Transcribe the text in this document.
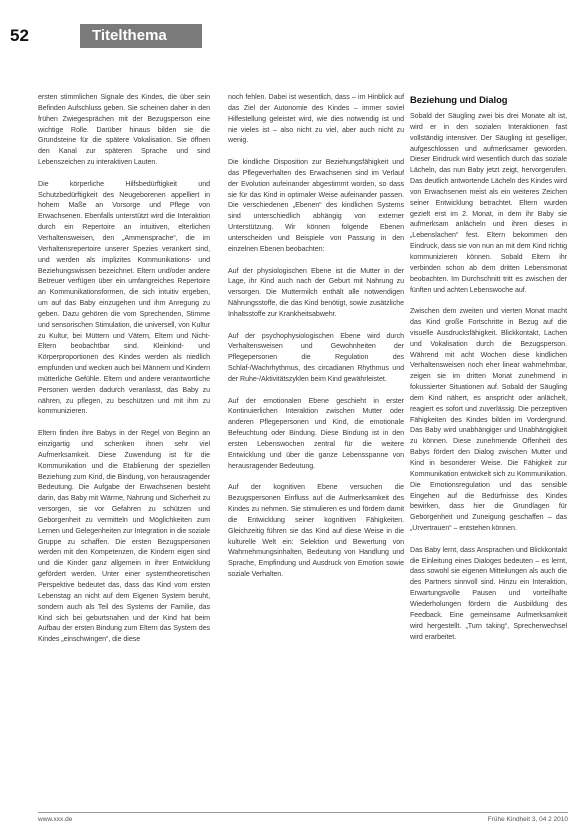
52	Titelthema

ersten stimmlichen Signale des Kindes, die über sein Befinden Aufschluss geben. Sie scheinen daher in den frühen Zwiegesprächen mit der Bezugsperson eine wichtige Rolle. Darüber hinaus bilden sie die Grundsteine für die spätere Vokalisation. Sie öffnen den Kanal zur späteren Sprache und sind Lebenszeichen zu interaktiven Lauten.

Die körperliche Hilfsbedürftigkeit und Schutzbedürftigkeit des Neugeborenen appelliert in hohem Maße an Vorsorge und Pflege von Erwachsenen. Ebenfalls unterstützt wird die Interaktion durch ein Repertoire an intuitiven, elterlichen Verhaltensweisen, den „Ammensprache“, die im Verhaltensrepertoire unserer Spezies verankert sind, und werden als implizites Kommunikations- und Beziehungswissen bezeichnet. Eltern und/oder andere Betreuer verfügen über ein umfangreiches Repertoire an Kommunikationsformen, die sich intuitiv ergeben, um auf das Baby einzugehen und ihm Anregung zu geben. Dazu gehören die vom Sprechenden, Stimme und sensorischen Stimulation, die universell, von Kultur zu Kultur, bei Müttern und Vätern, Eltern und Nicht-Eltern beobachtbar sind. Kleinkind- und Körperproportionen des Kindes werden als niedlich empfunden und wecken auch bei Männern und Kindern mütterliche Gefühle. Eltern und andere verantwortliche Personen werden dadurch veranlasst, das Baby zu nähren, zu pflegen, zu beschützen und mit ihm zu kommunizieren.

Eltern finden ihre Babys in der Regel von Beginn an einzigartig und schenken ihnen sehr viel Aufmerksamkeit. Diese Zuwendung ist für die Kommunikation und die Etablierung der speziellen Beziehung zum Kind, die Bindung, von herausragender Bedeutung. Die Aufgabe der Erwachsenen besteht darin, das Baby mit Wärme, Nahrung und Sicherheit zu versorgen, sie vor Gefahren zu schützen und Geborgenheit zu vermitteln und Möglichkeiten zum Lernen und Gelegenheiten zur Integration in die soziale Gruppe zu schaffen. Die ersten Bezugspersonen werden mit den Kompetenzen, die Kindern eigen sind und die Kinder ganz allgemein in ihrer Entwicklung gefördert werden. Unter einer systemtheoretischen Perspektive bedeutet das, dass das Kind vom ersten Lebenstag an nicht auf dem Eigenen System beruht, sondern auch als Teil des Systems der Familie, das Kind sich bei geburtsnahen und der Kind hat beim Aufbau der ersten Bindung zum Eltern das System des Kindes „einschwingen“, die diese

noch fehlen. Dabei ist wesentlich, dass – im Hinblick auf das Ziel der Autonomie des Kindes – immer soviel Hilfestellung geleistet wird, wie dies notwendig ist und nie vieles ist – also nicht zu viel, aber auch nicht zu wenig.

Die kindliche Disposition zur Beziehungsfähigkeit und das Pflegeverhalten des Erwachsenen sind im Verlauf der Evolution aufeinander abgestimmt worden, so dass sie für das Kind in optimaler Weise aufeinander passen. Die verschiedenen „Ebenen“ des kindlichen Systems sind unterschiedlich abhängig von externer Unterstützung. Wir können folgende Ebenen unterscheiden und Beispiele von Passung in den einzelnen Ebenen beobachten:

Auf der physiologischen Ebene ist die Mutter in der Lage, ihr Kind auch nach der Geburt mit Nahrung zu versorgen. Die Muttermilch enthält alle notwendigen Nährungsstoffe, die das Kind benötigt, sowie zusätzliche Inhaltsstoffe zur Krankheitsabwehr.

Auf der psychophysiologischen Ebene wird durch Verhaltensweisen und Gewohnheiten der Pflegepersonen die Regulation des Schlaf-/Wachrhythmus, des circadianen Rhythmus und der Ruhe-/Aktivitätszyklen beim Kind gewährleistet.

Auf der emotionalen Ebene geschieht in erster Kontinuierlichen Interaktion zwischen Mutter oder anderen Pflegepersonen und Kind, die emotionale Befeuchtung oder Bindung. Diese Bindung ist in den ersten Lebenswochen zentral für die weitere Entwicklung und über die ganze Lebensspanne von herausragender Bedeutung.

Auf der kognitiven Ebene versuchen die Bezugspersonen Einfluss auf die Aufmerksamkeit des Kindes zu nehmen. Sie stimulieren es und fördern damit die Entwicklung seiner kognitiven Fähigkeiten. Gleichzeitig führen sie das Kind auf diese Weise in die kulturelle Welt ein: Selektion und Bewertung von Wahrnehmungsinhalten, Bedeutung von Handlung und Sprache, Empfindung und Ausdruck von Emotion sowie soziale Verhalten.

Beziehung und Dialog

Sobald der Säugling zwei bis drei Monate alt ist, wird er in den sozialen Interaktionen fast vollständig intensiver. Der Säugling ist geselliger, aufgeschlossen und aufmerksamer geworden. Dieser Eindruck wird wesentlich durch das soziale Lächeln, das nun Baby jetzt zeigt, hervorgerufen. Das deutlich antwortende Lächeln des Kindes wird von Erwachsenen meist als ein weiteres Zeichen seiner Entwicklung betrachtet. Eltern wurden gezielt erst im 2. Monat, in dem ihr Baby sie aufmerksam anlächeln und ihren dieses in „Lebenslachen“ fest. Eltern bekommen den Eindruck, dass sie von nun an mit dem Kind richtig kommunizieren können. Sobald Eltern ihr verbinden schon ab dem dritten Lebensmonat beobachten. Im Durchschnitt tritt es zwischen der fünften und achten Lebenswoche auf.

Zwischen dem zweiten und vierten Monat macht das Kind große Fortschritte in Bezug auf die visuelle Ausdrucksfähigkeit. Blickkontakt, Lachen und Vokalisation durch die Bezugsperson. Während mit acht Wochen diese kindlichen Verhaltensweisen noch eher linear wahrnehmbar, zeigen sie im dritten Monat zunehmend in fokussierter Situationen auf. Sobald der Säugling dem Kind nähert, es anspricht oder anlächelt, reagiert es sofort und zuverlässig. Die perzeptiven Fähigkeiten des Kindes bilden im Vordergrund. Das Baby wird unabhängiger und Unabhängigkeit zu können. Diese zunehmende Offenheit des Babys fördert den Dialog zwischen Mutter und Kind in besonderer Weise. Die Fähigkeit zur Kommunikation entwickelt sich zu Kommunikation. Die Emotionsregulation und das sensible Eingehen auf die Bedürfnisse des Kindes bewirken, dass hier die Grundlagen für Geborgenheit und Zuneigung geschaffen – das „Urvertrauen“ – entstehen können.

Das Baby lernt, dass Ansprachen und Blickkontakt die Einleitung eines Dialoges bedeuten – es lernt, dass sowohl sie eigenen Mitteilungen als auch die des Partners sinnvoll sind. Hinzu ein Interaktion, Erwartungsvolle Pausen und vorteilhafte Wiederholungen fördern die Ausbildung des Feedback. Eine gemeinsame Aufmerksamkeit wird hergestellt. „Turn taking“, Sprecherwechsel wird erarbeitet.

www.xxx.de	Frühe Kindheit 3, 04 2 2010
